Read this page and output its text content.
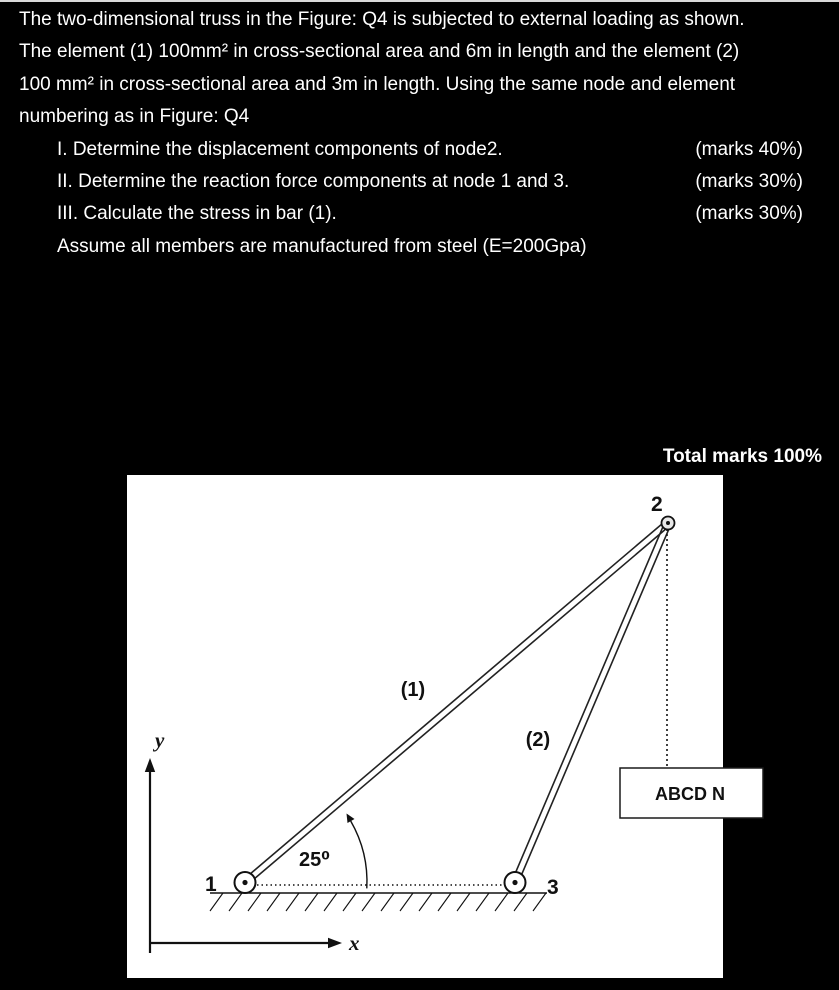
The two-dimensional truss in the Figure: Q4 is subjected to external loading as shown.
The element (1) 100mm² in cross-sectional area and 6m in length and the element (2)
100 mm² in cross-sectional area and 3m in length. Using the same node and element
numbering as in Figure: Q4
I. Determine the displacement components of node2.	(marks 40%)
II. Determine the reaction force components at node 1 and 3.	(marks 30%)
III. Calculate the stress in bar (1).	(marks 30%)
Assume all members are manufactured from steel (E=200Gpa)
Total marks 100%
ABCD N
y
x
2
1	3
(1)
(2)
25⁰
